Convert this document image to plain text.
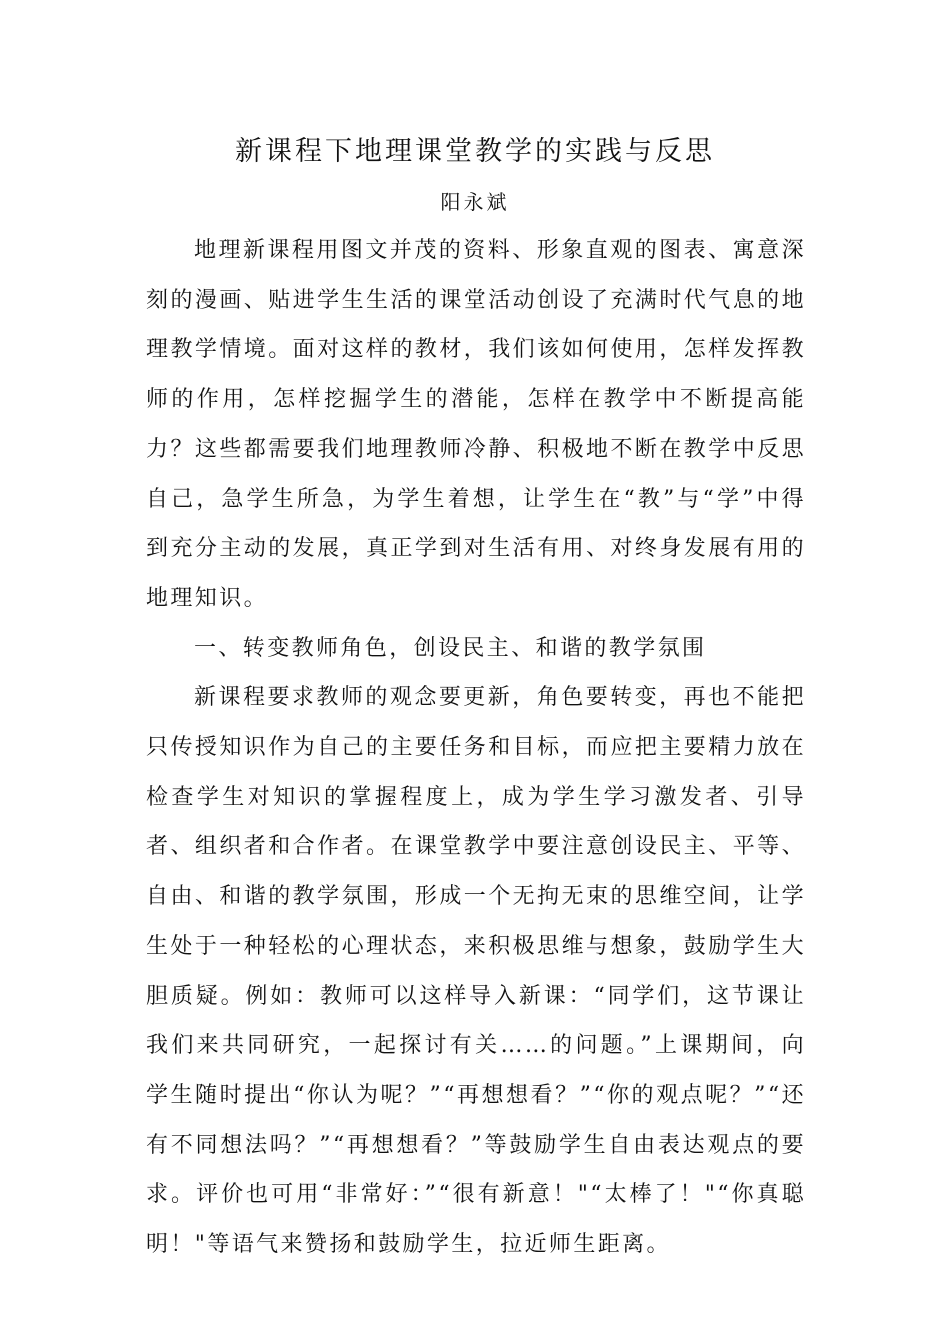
新课程下地理课堂教学的实践与反思
阳永斌

地理新课程用图文并茂的资料、形象直观的图表、寓意深刻的漫画、贴进学生生活的课堂活动创设了充满时代气息的地理教学情境。面对这样的教材，我们该如何使用，怎样发挥教师的作用，怎样挖掘学生的潜能，怎样在教学中不断提高能力？这些都需要我们地理教师冷静、积极地不断在教学中反思自己，急学生所急，为学生着想，让学生在“教”与“学”中得到充分主动的发展，真正学到对生活有用、对终身发展有用的地理知识。

一、转变教师角色，创设民主、和谐的教学氛围

新课程要求教师的观念要更新，角色要转变，再也不能把只传授知识作为自己的主要任务和目标，而应把主要精力放在检查学生对知识的掌握程度上，成为学生学习激发者、引导者、组织者和合作者。在课堂教学中要注意创设民主、平等、自由、和谐的教学氛围，形成一个无拘无束的思维空间，让学生处于一种轻松的心理状态，来积极思维与想象，鼓励学生大胆质疑。例如：教师可以这样导入新课：“同学们，这节课让我们来共同研究，一起探讨有关……的问题。”上课期间，向学生随时提出“你认为呢？”“再想想看？”“你的观点呢？”“还有不同想法吗？”“再想想看？”等鼓励学生自由表达观点的要求。评价也可用“非常好：”“很有新意！"“太棒了！"“你真聪明！"等语气来赞扬和鼓励学生，拉近师生距离。
